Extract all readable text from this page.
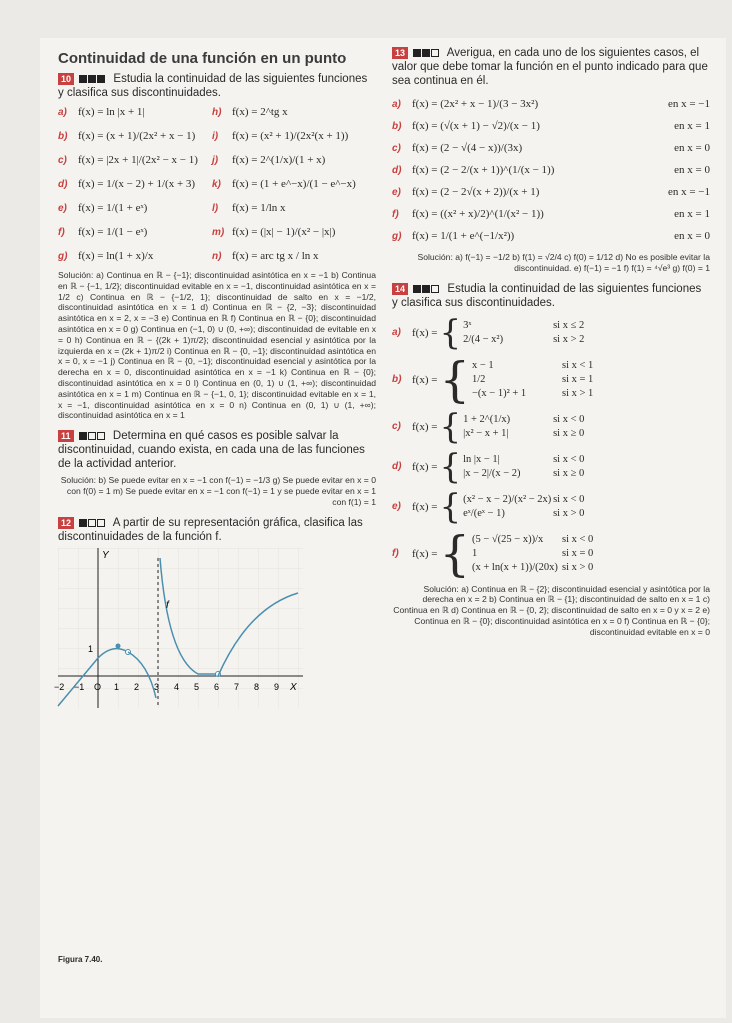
Continuidad de una función en un punto
10	Estudia la continuidad de las siguientes funciones y clasifica sus discontinuidades.
a)	f(x) = ln |x + 1|	h) f(x) = 2^tg x
b) f(x) = (x + 1)/(2x² + x − 1) i)	f(x) = (x² + 1)/(2x²(x + 1))
c)	f(x) = |2x + 1|/(2x² − x − 1) j)	f(x) = 2^(1/x)/(1 + x)
d) f(x) = 1/(x − 2) + 1/(x + 3) k)	f(x) = (1 + e^−x)/(1 − e^−x)
e)	f(x) = 1/(1 + eˣ)	l)	f(x) = 1/ln x
f)	f(x) = 1/(1 − eˣ)	m) f(x) = (|x| − 1)/(x² − |x|)
g) f(x) = ln(1 + x)/x	n) f(x) = arc tg x / ln x
Solución: a) Continua en ℝ − {−1}; discontinuidad asintótica en x = −1 b) Continua en ℝ − {−1, 1/2}; discontinuidad evitable en x = −1, discontinuidad asintótica en x = 1/2 c) Continua en ℝ − {−1/2, 1}; discontinuidad de salto en x = −1/2, discontinuidad asintótica en x = 1 d) Continua en ℝ − {2, −3}; discontinuidad asintótica en x = 2, x = −3 e) Continua en ℝ f) Continua en ℝ − {0}; discontinuidad asintótica en x = 0 g) Continua en (−1, 0) ∪ (0, +∞); discontinuidad de evitable en x = 0 h) Continua en ℝ − {(2k + 1)π/2}; discontinuidad esencial y asintótica por la izquierda en x = (2k + 1)π/2 i) Continua en ℝ − {0, −1}; discontinuidad asintótica en x = 0, x = −1 j) Continua en ℝ − {0, −1}; discontinuidad esencial y asintótica por la derecha en x = 0, discontinuidad asintótica en x = −1 k) Continua en ℝ − {0}; discontinuidad asintótica en x = 0 l) Continua en (0, 1) ∪ (1, +∞); discontinuidad asintótica en x = 1 m) Continua en ℝ − {−1, 0, 1}; discontinuidad evitable en x = 1, x = −1, discontinuidad asintótica en x = 0 n) Continua en (0, 1) ∪ (1, +∞); discontinuidad asintótica en x = 1
11	Determina en qué casos es posible salvar la discontinuidad, cuando exista, en cada una de las funciones de la actividad anterior.
Solución: b) Se puede evitar en x = −1 con f(−1) = −1/3 g) Se puede evitar en x = 0 con f(0) = 1 m) Se puede evitar en x = −1 con f(−1) = 1 y se puede evitar en x = 1 con f(1) = 1
12	A partir de su representación gráfica, clasifica las discontinuidades de la función f.
Y
X
f
1
−2 −1 O 1 2 3 4 5 6 7 8 9
Figura 7.40.
13	Averigua, en cada uno de los siguientes casos, el valor que debe tomar la función en el punto indicado para que sea continua en él.
a)	f(x) = (2x² + x − 1)/(3 − 3x²)	en x = −1
b) f(x) = (√(x + 1) − √2)/(x − 1)	en x = 1
c)	f(x) = (2 − √(4 − x))/(3x)	en x = 0
d) f(x) = (2 − 2/(x + 1))^(1/(x − 1))	en x = 0
e)	f(x) = (2 − 2√(x + 2))/(x + 1)	en x = −1
f)	f(x) = ((x² + x)/2)^(1/(x² − 1))	en x = 1
g) f(x) = 1/(1 + e^(−1/x²))	en x = 0
Solución: a) f(−1) = −1/2 b) f(1) = √2/4 c) f(0) = 1/12 d) No es posible evitar la discontinuidad. e) f(−1) = −1 f) f(1) = ⁴√e³ g) f(0) = 1
14	Estudia la continuidad de las siguientes funciones y clasifica sus discontinuidades.
a)	f(x) = { 3ˣ	si x ≤ 2
2/(4 − x²)	si x > 2
b) f(x) = { x − 1	si x < 1
1/2	si x = 1
−(x − 1)² + 1	si x > 1
c)	f(x) = { 1 + 2^(1/x)	si x < 0
|x² − x + 1|	si x ≥ 0
d) f(x) = { ln |x − 1|	si x < 0
|x − 2|/(x − 2)	si x ≥ 0
e)	f(x) = { (x² − x − 2)/(x² − 2x) si x < 0
eˣ/(eˣ − 1)	si x > 0
f)	f(x) = { (5 − √(25 − x))/x	si x < 0
1	si x = 0
(x + ln(x + 1))/(20x) si x > 0
Solución: a) Continua en ℝ − {2}; discontinuidad esencial y asintótica por la derecha en x = 2 b) Continua en ℝ − {1}; discontinuidad de salto en x = 1 c) Continua en ℝ d) Continua en ℝ − {0, 2}; discontinuidad de salto en x = 0 y x = 2 e) Continua en ℝ − {0}; discontinuidad asintótica en x = 0 f) Continua en ℝ − {0}; discontinuidad evitable en x = 0
